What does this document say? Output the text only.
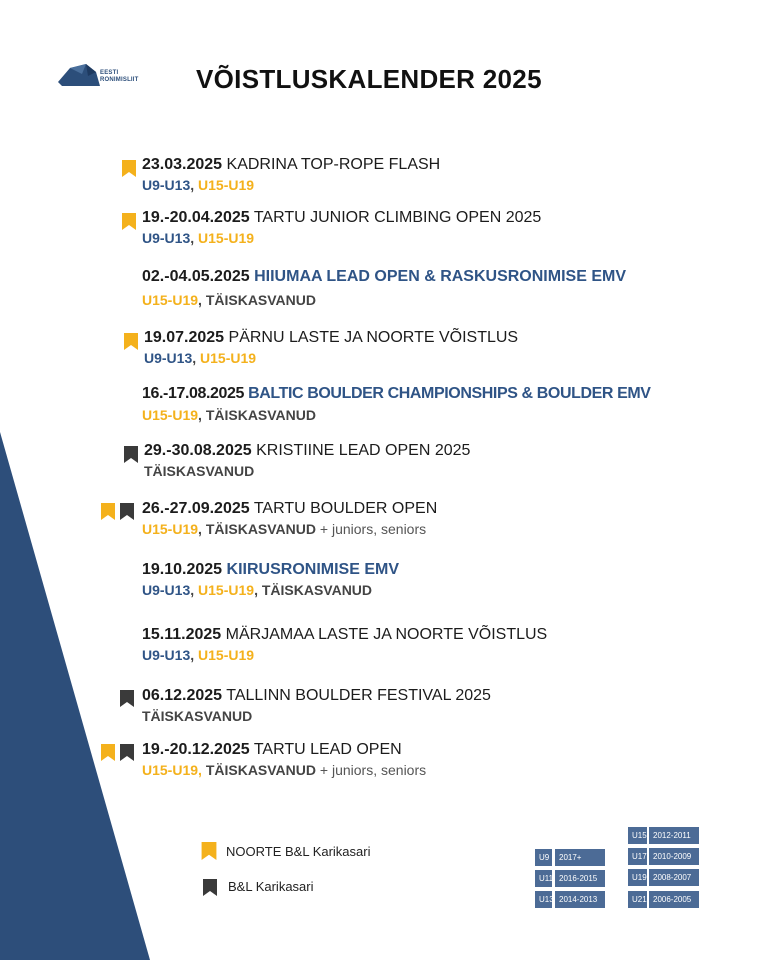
EESTI
RONIMISLIIT VÕISTLUSKALENDER 2025
23.03.2025 KADRINA TOP-ROPE FLASH
U9-U13, U15-U19
19.-20.04.2025 TARTU JUNIOR CLIMBING OPEN 2025
U9-U13, U15-U19
02.-04.05.2025 HIIUMAA LEAD OPEN & RASKUSRONIMISE EMV
U15-U19, TÄISKASVANUD
19.07.2025 PÄRNU LASTE JA NOORTE VÕISTLUS
U9-U13, U15-U19
16.-17.08.2025 BALTIC BOULDER CHAMPIONSHIPS & BOULDER EMV
U15-U19, TÄISKASVANUD
29.-30.08.2025 KRISTIINE LEAD OPEN 2025
TÄISKASVANUD
26.-27.09.2025 TARTU BOULDER OPEN
U15-U19, TÄISKASVANUD + juniors, seniors
19.10.2025 KIIRUSRONIMISE EMV
U9-U13, U15-U19, TÄISKASVANUD
15.11.2025 MÄRJAMAA LASTE JA NOORTE VÕISTLUS
U9-U13, U15-U19
06.12.2025 TALLINN BOULDER FESTIVAL 2025
TÄISKASVANUD
19.-20.12.2025 TARTU LEAD OPEN
U15-U19, TÄISKASVANUD + juniors, seniors
NOORTE B&L Karikasari
B&L Karikasari
U9	2017+
U11 2016-2015
U13 2014-2013
U15 2012-2011
U17 2010-2009
U19 2008-2007
U21 2006-2005
